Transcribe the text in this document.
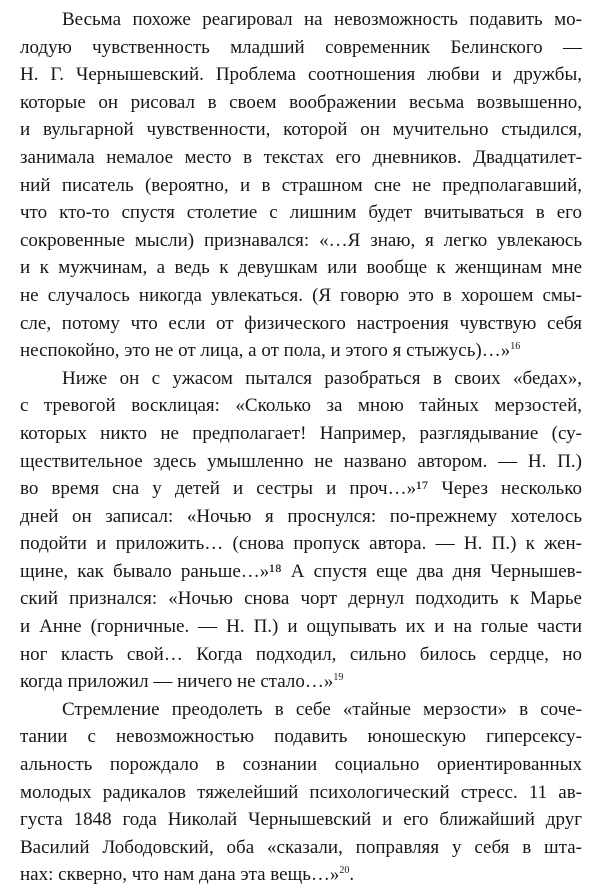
Весьма похоже реагировал на невозможность подавить мо-
лодую чувственность младший современник Белинского —
Н. Г. Чернышевский. Проблема соотношения любви и дружбы,
которые он рисовал в своем воображении весьма возвышенно,
и вульгарной чувственности, которой он мучительно стыдился,
занимала немалое место в текстах его дневников. Двадцатилет-
ний писатель (вероятно, и в страшном сне не предполагавший,
что кто-то спустя столетие с лишним будет вчитываться в его
сокровенные мысли) признавался: «…Я знаю, я легко увлекаюсь
и к мужчинам, а ведь к девушкам или вообще к женщинам мне
не случалось никогда увлекаться. (Я говорю это в хорошем смы-
сле, потому что если от физического настроения чувствую себя
неспокойно, это не от лица, а от пола, и этого я стыжусь)…»$^{16}$

Ниже он с ужасом пытался разобраться в своих «бедах»,
с тревогой восклицая: «Сколько за мною тайных мерзостей,
которых никто не предполагает! Например, разглядывание (су-
ществительное здесь умышленно не названо автором. — Н. П.)
во время сна у детей и сестры и проч…»¹⁷ Через несколько
дней он записал: «Ночью я проснулся: по-прежнему хотелось
подойти и приложить… (снова пропуск автора. — Н. П.) к жен-
щине, как бывало раньше…»¹⁸ А спустя еще два дня Чернышев-
ский признался: «Ночью снова чорт дернул подходить к Марье
и Анне (горничные. — Н. П.) и ощупывать их и на голые части
ног класть свой… Когда подходил, сильно билось сердце, но
когда приложил — ничего не стало…»$^{19}$

Стремление преодолеть в себе «тайные мерзости» в сочe-
тании с невозможностью подавить юношескую гиперсексу-
альность порождало в сознании социально ориентированных
молодых радикалов тяжелейший психологический стресс. 11 ав-
густа 1848 года Николай Чернышевский и его ближайший друг
Василий Лободовский, оба «сказали, поправляя у себя в шта-
нах: скверно, что нам дана эта вещь…»$^{20}$.
